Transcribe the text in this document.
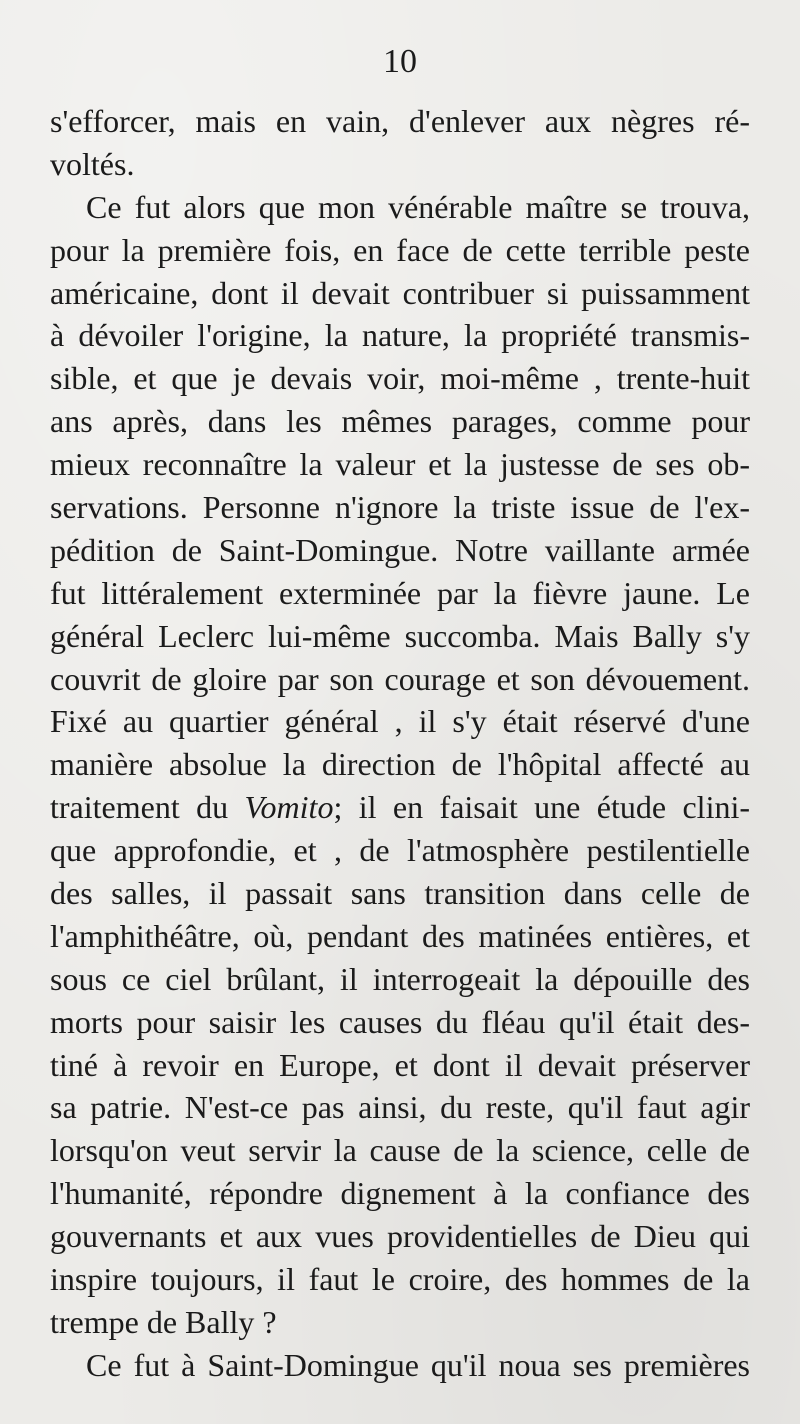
10
s'efforcer, mais en vain, d'enlever aux nègres ré-
voltés.
Ce fut alors que mon vénérable maître se trouva,
pour la première fois, en face de cette terrible peste
américaine, dont il devait contribuer si puissamment
à dévoiler l'origine, la nature, la propriété transmis-
sible, et que je devais voir, moi-même , trente-huit
ans après, dans les mêmes parages, comme pour
mieux reconnaître la valeur et la justesse de ses ob-
servations. Personne n'ignore la triste issue de l'ex-
pédition de Saint-Domingue. Notre vaillante armée
fut littéralement exterminée par la fièvre jaune. Le
général Leclerc lui-même succomba. Mais Bally s'y
couvrit de gloire par son courage et son dévouement.
Fixé au quartier général , il s'y était réservé d'une
manière absolue la direction de l'hôpital affecté au
traitement du Vomito; il en faisait une étude clini-
que approfondie, et , de l'atmosphère pestilentielle
des salles, il passait sans transition dans celle de
l'amphithéâtre, où, pendant des matinées entières, et
sous ce ciel brûlant, il interrogeait la dépouille des
morts pour saisir les causes du fléau qu'il était des-
tiné à revoir en Europe, et dont il devait préserver
sa patrie. N'est-ce pas ainsi, du reste, qu'il faut agir
lorsqu'on veut servir la cause de la science, celle de
l'humanité, répondre dignement à la confiance des
gouvernants et aux vues providentielles de Dieu qui
inspire toujours, il faut le croire, des hommes de la
trempe de Bally ?
Ce fut à Saint-Domingue qu'il noua ses premières
